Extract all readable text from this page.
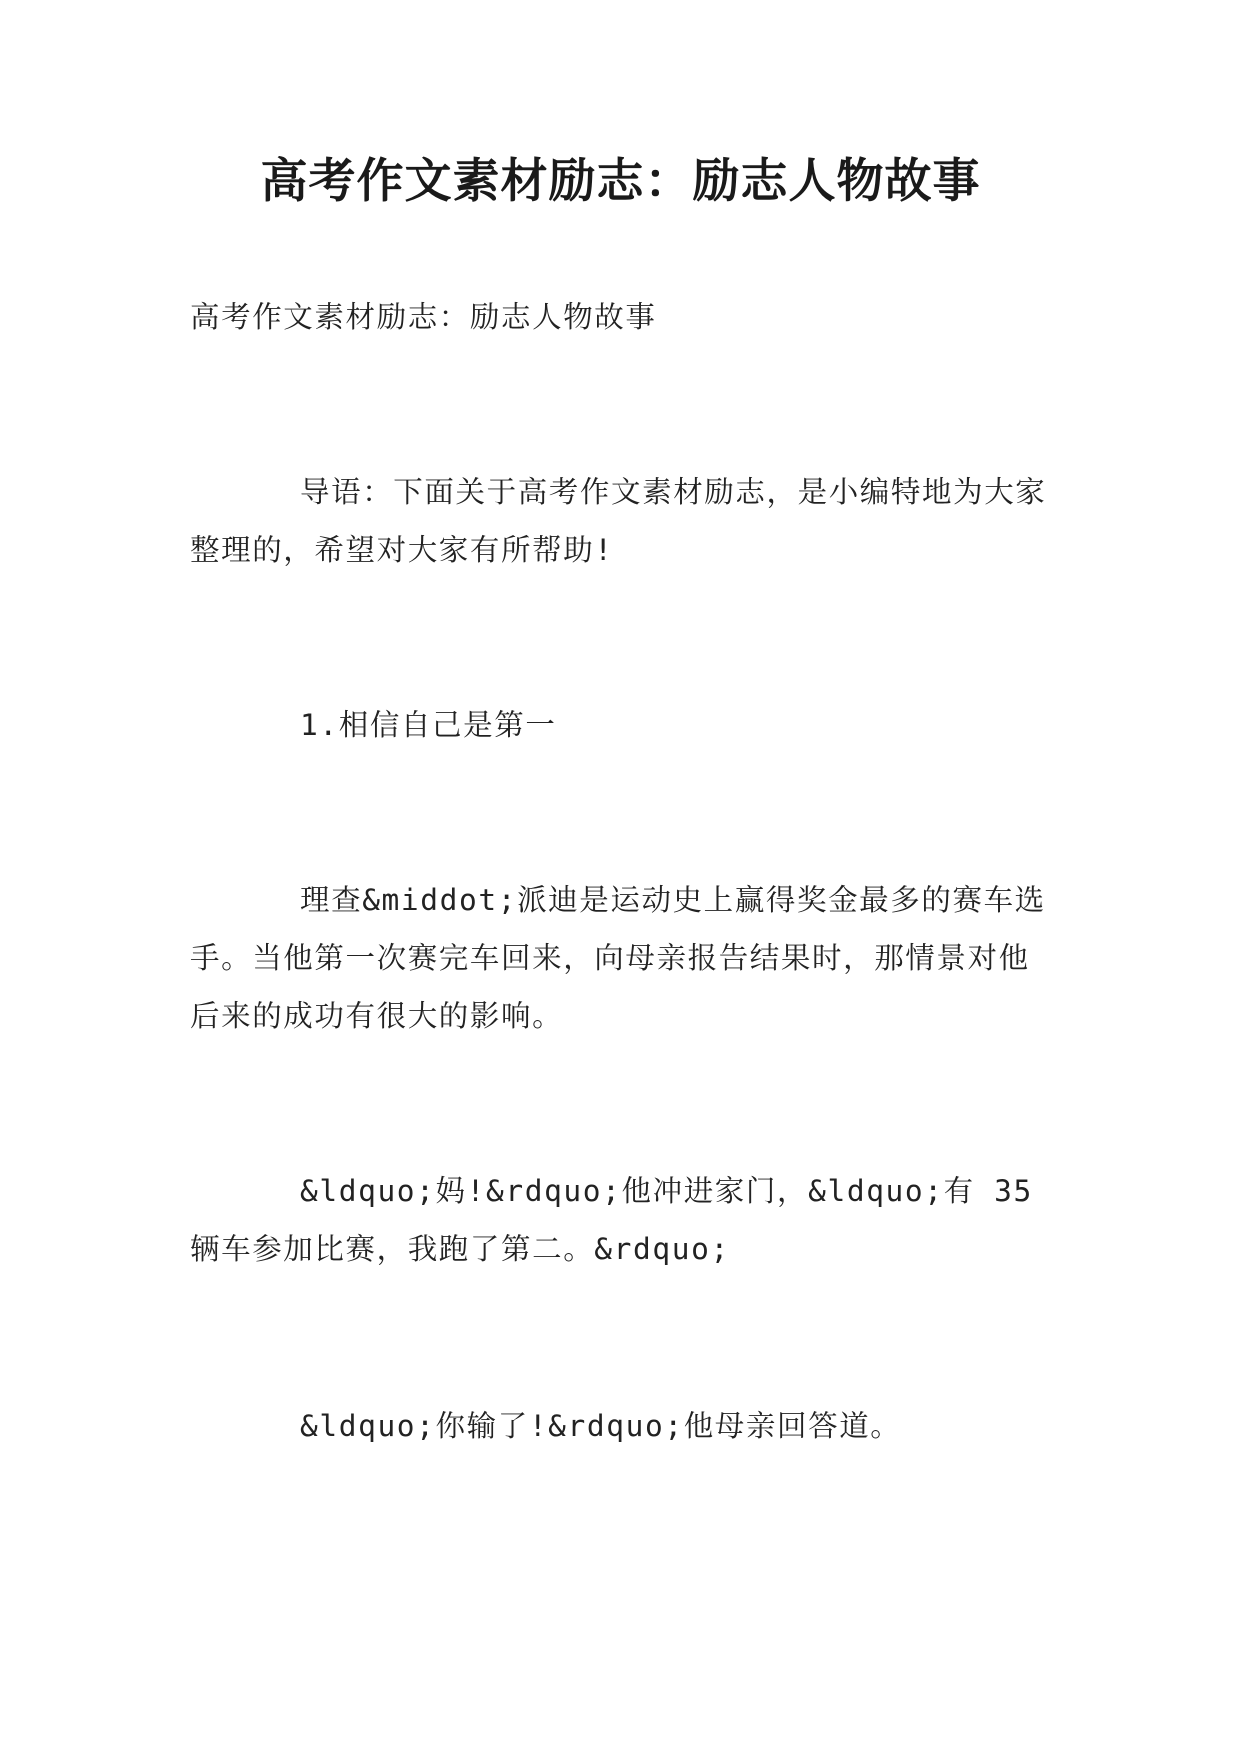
高考作文素材励志：励志人物故事

高考作文素材励志：励志人物故事

导语：下面关于高考作文素材励志，是小编特地为大家整理的，希望对大家有所帮助!

1.相信自己是第一

理查&middot;派迪是运动史上赢得奖金最多的赛车选手。当他第一次赛完车回来，向母亲报告结果时，那情景对他后来的成功有很大的影响。

&ldquo;妈!&rdquo;他冲进家门，&ldquo;有 35 辆车参加比赛，我跑了第二。&rdquo;

&ldquo;你输了!&rdquo;他母亲回答道。
